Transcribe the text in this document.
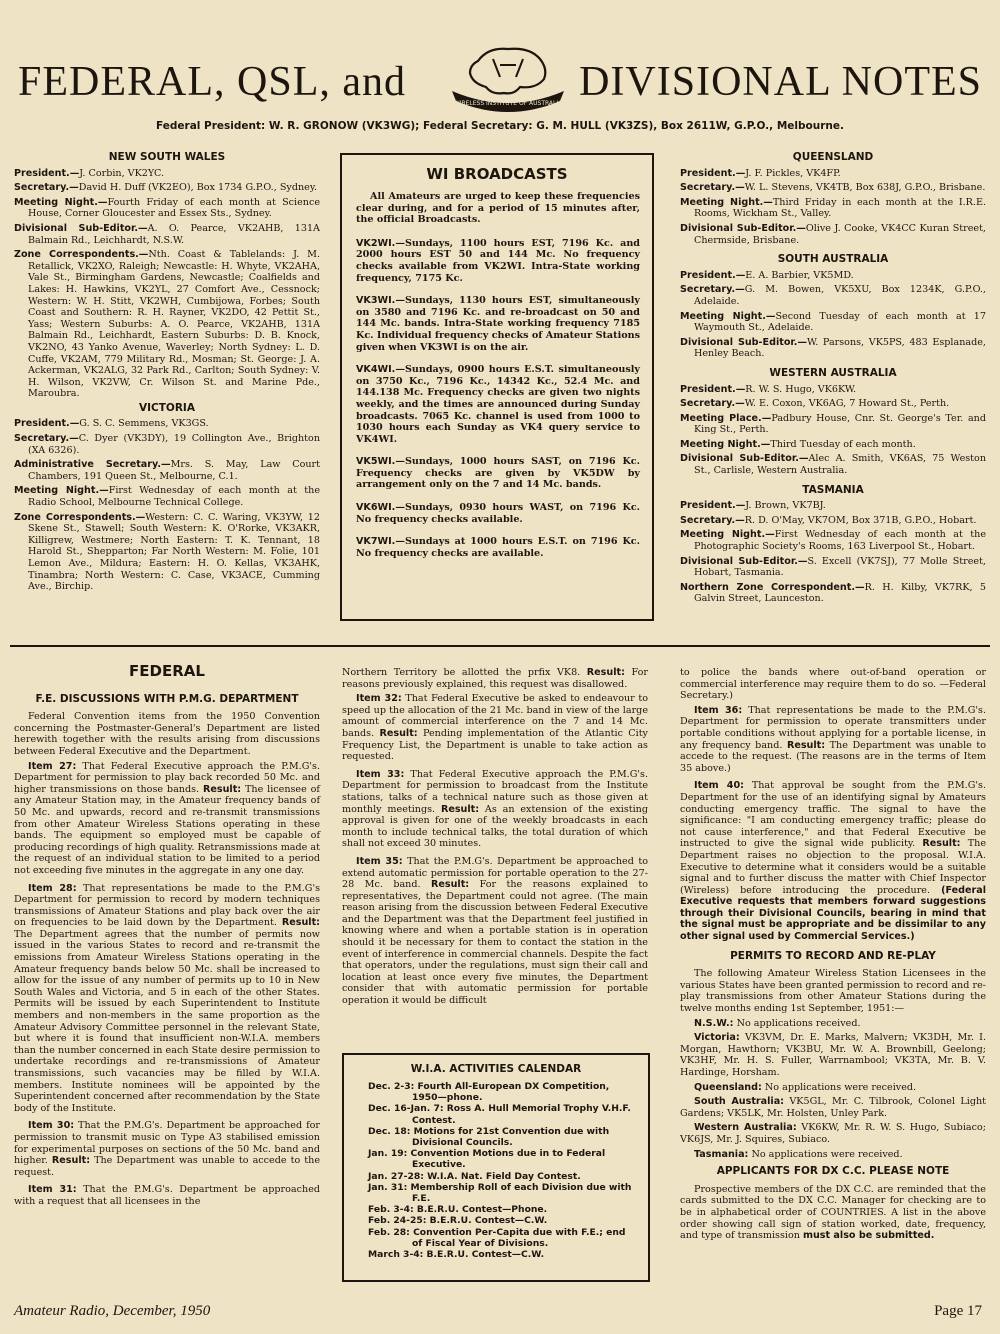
FEDERAL, QSL, and	WIRELESS INSTITUTE OF AUSTRALIA DIVISIONAL NOTES
Federal President: W. R. GRONOW (VK3WG); Federal Secretary: G. M. HULL (VK3ZS), Box 2611W, G.P.O., Melbourne.
NEW SOUTH WALES

President.—J. Corbin, VK2YC.

Secretary.—David H. Duff (VK2EO), Box 1734 G.P.O., Sydney.

Meeting Night.—Fourth Friday of each month at Science House, Corner Gloucester and Essex Sts., Sydney.

Divisional Sub-Editor.—A. O. Pearce, VK2AHB, 131A Balmain Rd., Leichhardt, N.S.W.

Zone Correspondents.—Nth. Coast & Tablelands: J. M. Retallick, VK2XO, Raleigh; Newcastle: H. Whyte, VK2AHA, Vale St., Birmingham Gardens, Newcastle; Coalfields and Lakes: H. Hawkins, VK2YL, 27 Comfort Ave., Cessnock; Western: W. H. Stitt, VK2WH, Cumbijowa, Forbes; South Coast and Southern: R. H. Rayner, VK2DO, 42 Pettit St., Yass; Western Suburbs: A. O. Pearce, VK2AHB, 131A Balmain Rd., Leichhardt, Eastern Suburbs: D. B. Knock, VK2NO, 43 Yanko Avenue, Waverley; North Sydney: L. D. Cuffe, VK2AM, 779 Military Rd., Mosman; St. George: J. A. Ackerman, VK2ALG, 32 Park Rd., Carlton; South Sydney: V. H. Wilson, VK2VW, Cr. Wilson St. and Marine Pde., Maroubra.

VICTORIA

President.—G. S. C. Semmens, VK3GS.

Secretary.—C. Dyer (VK3DY), 19 Collington Ave., Brighton (XA 6326).

Administrative Secretary.—Mrs. S. May, Law Court Chambers, 191 Queen St., Melbourne, C.1.

Meeting Night.—First Wednesday of each month at the Radio School, Melbourne Technical College.

Zone Correspondents.—Western: C. C. Waring, VK3YW, 12 Skene St., Stawell; South Western: K. O'Rorke, VK3AKR, Killigrew, Westmere; North Eastern: T. K. Tennant, 18 Harold St., Shepparton; Far North Western: M. Folie, 101 Lemon Ave., Mildura; Eastern: H. O. Kellas, VK3AHK, Tinambra; North Western: C. Case, VK3ACE, Cumming Ave., Birchip.

WI BROADCASTS

All Amateurs are urged to keep these frequencies clear during, and for a period of 15 minutes after, the official Broadcasts.

VK2WI.—Sundays, 1100 hours EST, 7196 Kc. and 2000 hours EST 50 and 144 Mc. No frequency checks available from VK2WI. Intra-State working frequency, 7175 Kc.

VK3WI.—Sundays, 1130 hours EST, simultaneously on 3580 and 7196 Kc. and re-broadcast on 50 and 144 Mc. bands. Intra-State working frequency 7185 Kc. Individual frequency checks of Amateur Stations given when VK3WI is on the air.

VK4WI.—Sundays, 0900 hours E.S.T. simultaneously on 3750 Kc., 7196 Kc., 14342 Kc., 52.4 Mc. and 144.138 Mc. Frequency checks are given two nights weekly, and the times are announced during Sunday broadcasts. 7065 Kc. channel is used from 1000 to 1030 hours each Sunday as VK4 query service to VK4WI.

VK5WI.—Sundays, 1000 hours SAST, on 7196 Kc. Frequency checks are given by VK5DW by arrangement only on the 7 and 14 Mc. bands.

VK6WI.—Sundays, 0930 hours WAST, on 7196 Kc. No frequency checks available.

VK7WI.—Sundays at 1000 hours E.S.T. on 7196 Kc. No frequency checks are available.

QUEENSLAND

President.—J. F. Pickles, VK4FP.

Secretary.—W. L. Stevens, VK4TB, Box 638J, G.P.O., Brisbane.

Meeting Night.—Third Friday in each month at the I.R.E. Rooms, Wickham St., Valley.

Divisional Sub-Editor.—Olive J. Cooke, VK4CC Kuran Street, Chermside, Brisbane.

SOUTH AUSTRALIA

President.—E. A. Barbier, VK5MD.

Secretary.—G. M. Bowen, VK5XU, Box 1234K, G.P.O., Adelaide.

Meeting Night.—Second Tuesday of each month at 17 Waymouth St., Adelaide.

Divisional Sub-Editor.—W. Parsons, VK5PS, 483 Esplanade, Henley Beach.

WESTERN AUSTRALIA

President.—R. W. S. Hugo, VK6KW.

Secretary.—W. E. Coxon, VK6AG, 7 Howard St., Perth.

Meeting Place.—Padbury House, Cnr. St. George's Ter. and King St., Perth.

Meeting Night.—Third Tuesday of each month.

Divisional Sub-Editor.—Alec A. Smith, VK6AS, 75 Weston St., Carlisle, Western Australia.

TASMANIA

President.—J. Brown, VK7BJ.

Secretary.—R. D. O'May, VK7OM, Box 371B, G.P.O., Hobart.

Meeting Night.—First Wednesday of each month at the Photographic Society's Rooms, 163 Liverpool St., Hobart.

Divisional Sub-Editor.—S. Excell (VK7SJ), 77 Molle Street, Hobart, Tasmania.

Northern Zone Correspondent.—R. H. Kilby, VK7RK, 5 Galvin Street, Launceston.

FEDERAL
F.E. DISCUSSIONS WITH P.M.G. DEPARTMENT

Federal Convention items from the 1950 Convention concerning the Postmaster-General's Department are listed herewith together with the results arising from discussions between Federal Executive and the Department.

Item 27: That Federal Executive approach the P.M.G's. Department for permission to play back recorded 50 Mc. and higher transmissions on those bands. Result: The licensee of any Amateur Station may, in the Amateur frequency bands of 50 Mc. and upwards, record and re-transmit transmissions from other Amateur Wireless Stations operating in these bands. The equipment so employed must be capable of producing recordings of high quality. Retransmissions made at the request of an individual station to be limited to a period not exceeding five minutes in the aggregate in any one day.

Item 28: That representations be made to the P.M.G's Department for permission to record by modern techniques transmissions of Amateur Stations and play back over the air on frequencies to be laid down by the Department. Result: The Department agrees that the number of permits now issued in the various States to record and re-transmit the emissions from Amateur Wireless Stations operating in the Amateur frequency bands below 50 Mc. shall be increased to allow for the issue of any number of permits up to 10 in New South Wales and Victoria, and 5 in each of the other States. Permits will be issued by each Superintendent to Institute members and non-members in the same proportion as the Amateur Advisory Committee personnel in the relevant State, but where it is found that insufficient non-W.I.A. members than the number concerned in each State desire permission to undertake recordings and re-transmissions of Amateur transmissions, such vacancies may be filled by W.I.A. members. Institute nominees will be appointed by the Superintendent concerned after recommendation by the State body of the Institute.

Item 30: That the P.M.G's. Department be approached for permission to transmit music on Type A3 stabilised emission for experimental purposes on sections of the 50 Mc. band and higher. Result: The Department was unable to accede to the request.

Item 31: That the P.M.G's. Department be approached with a request that all licensees in the

Northern Territory be allotted the prfix VK8. Result: For reasons previously explained, this request was disallowed.

Item 32: That Federal Executive be asked to endeavour to speed up the allocation of the 21 Mc. band in view of the large amount of commercial interference on the 7 and 14 Mc. bands. Result: Pending implementation of the Atlantic City Frequency List, the Department is unable to take action as requested.

Item 33: That Federal Executive approach the P.M.G's. Department for permission to broadcast from the Institute stations, talks of a technical nature such as those given at monthly meetings. Result: As an extension of the existing approval is given for one of the weekly broadcasts in each month to include technical talks, the total duration of which shall not exceed 30 minutes.

Item 35: That the P.M.G's. Department be approached to extend automatic permission for portable operation to the 27-28 Mc. band. Result: For the reasons explained to representatives, the Department could not agree. (The main reason arising from the discussion between Federal Executive and the Department was that the Department feel justified in knowing where and when a portable station is in operation should it be necessary for them to contact the station in the event of interference in commercial channels. Despite the fact that operators, under the regulations, must sign their call and location at least once every five minutes, the Department consider that with automatic permission for portable operation it would be difficult

W.I.A. ACTIVITIES CALENDAR

Dec. 2-3: Fourth All-European DX Competition, 1950—phone.

Dec. 16-Jan. 7: Ross A. Hull Memorial Trophy V.H.F. Contest.

Dec. 18: Motions for 21st Convention due with Divisional Councils.

Jan. 19: Convention Motions due in to Federal Executive.

Jan. 27-28: W.I.A. Nat. Field Day Contest.

Jan. 31: Membership Roll of each Division due with F.E.

Feb. 3-4: B.E.R.U. Contest—Phone.

Feb. 24-25: B.E.R.U. Contest—C.W.

Feb. 28: Convention Per-Capita due with F.E.; end of Fiscal Year of Divisions.

March 3-4: B.E.R.U. Contest—C.W.

to police the bands where out-of-band operation or commercial interference may require them to do so. —Federal Secretary.)

Item 36: That representations be made to the P.M.G's. Department for permission to operate transmitters under portable conditions without applying for a portable license, in any frequency band. Result: The Department was unable to accede to the request. (The reasons are in the terms of Item 35 above.)

Item 40: That approval be sought from the P.M.G's. Department for the use of an identifying signal by Amateurs conducting emergency traffic. The signal to have the significance: "I am conducting emergency traffic; please do not cause interference," and that Federal Executive be instructed to give the signal wide publicity. Result: The Department raises no objection to the proposal. W.I.A. Executive to determine what it considers would be a suitable signal and to further discuss the matter with Chief Inspector (Wireless) before introducing the procedure. (Federal Executive requests that members forward suggestions through their Divisional Councils, bearing in mind that the signal must be appropriate and be dissimilar to any other signal used by Commercial Services.)

PERMITS TO RECORD AND RE-PLAY

The following Amateur Wireless Station Licensees in the various States have been granted permission to record and re-play transmissions from other Amateur Stations during the twelve months ending 1st September, 1951:—

N.S.W.: No applications received.

Victoria: VK3VM, Dr. E. Marks, Malvern; VK3DH, Mr. I. Morgan, Hawthorn; VK3BU, Mr. W. A. Brownbill, Geelong; VK3HF, Mr. H. S. Fuller, Warrnambool; VK3TA, Mr. B. V. Hardinge, Horsham.

Queensland: No applications were received.

South Australia: VK5GL, Mr. C. Tilbrook, Colonel Light Gardens; VK5LK, Mr. Holsten, Unley Park.

Western Australia: VK6KW, Mr. R. W. S. Hugo, Subiaco; VK6JS, Mr. J. Squires, Subiaco.

Tasmania: No applications were received.

APPLICANTS FOR DX C.C. PLEASE NOTE

Prospective members of the DX C.C. are reminded that the cards submitted to the DX C.C. Manager for checking are to be in alphabetical order of COUNTRIES. A list in the above order showing call sign of station worked, date, frequency, and type of transmission must also be submitted.

Amateur Radio, December, 1950	Page 17
